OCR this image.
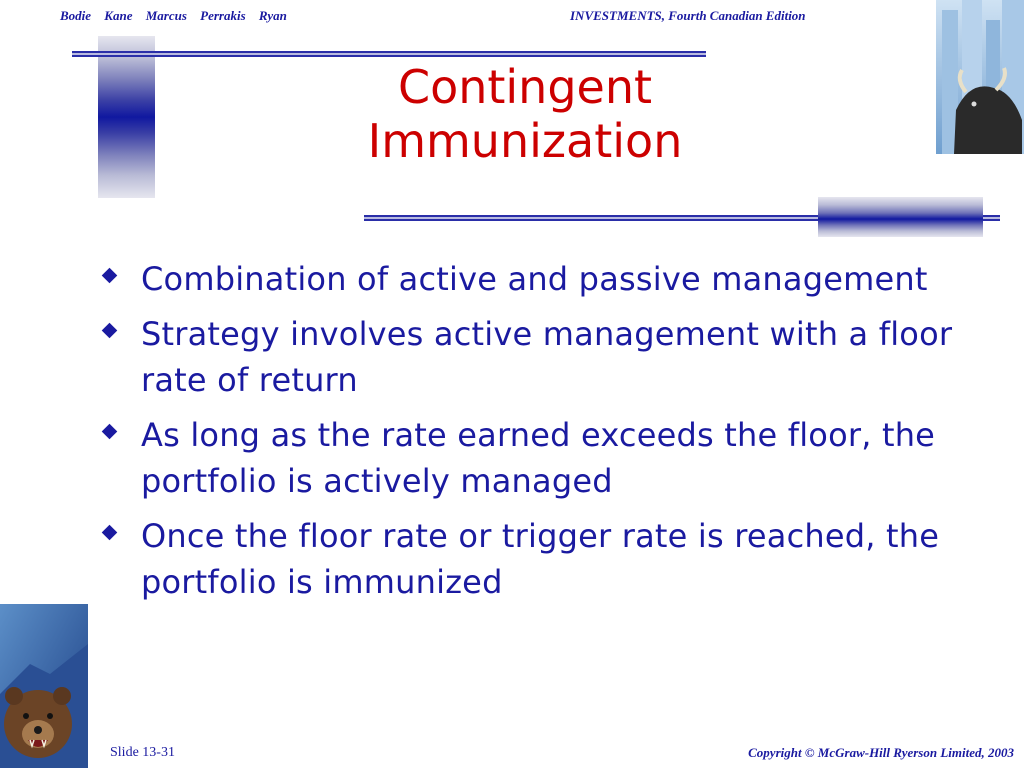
Bodie Kane Marcus Perrakis Ryan	INVESTMENTS, Fourth Canadian Edition
Contingent
Immunization
Combination of active and passive management
Strategy involves active management with a floor rate of return
As long as the rate earned exceeds the floor, the portfolio is actively managed
Once the floor rate or trigger rate is reached, the portfolio is immunized
Slide 13-31	Copyright © McGraw-Hill Ryerson Limited, 2003
